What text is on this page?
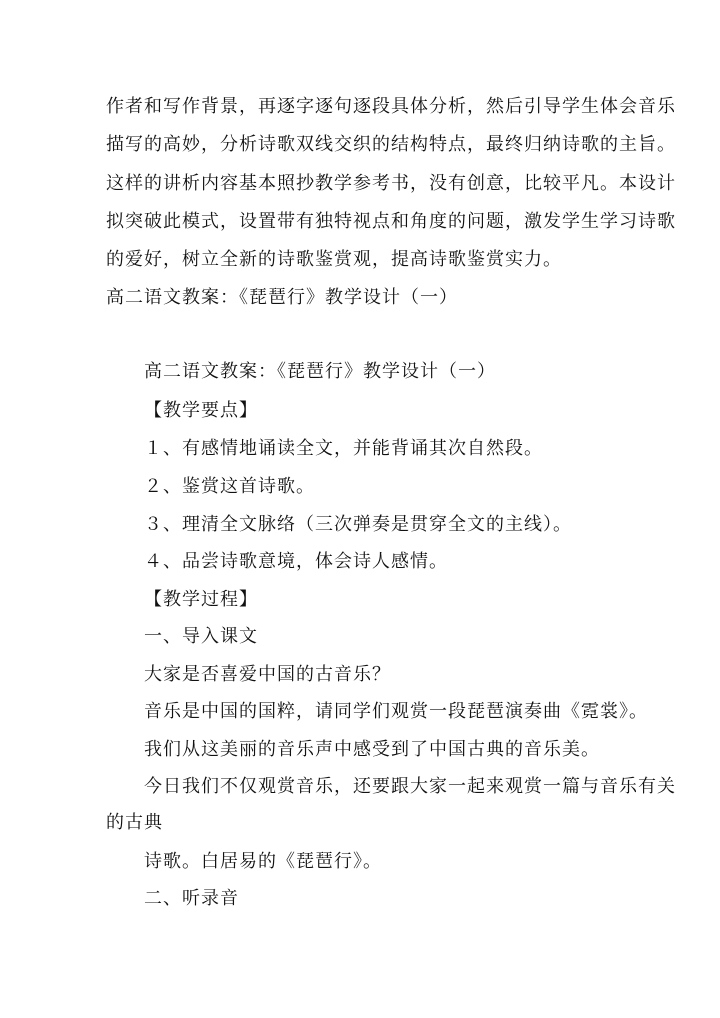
作者和写作背景，再逐字逐句逐段具体分析，然后引导学生体会音乐
描写的高妙，分析诗歌双线交织的结构特点，最终归纳诗歌的主旨。
这样的讲析内容基本照抄教学参考书，没有创意，比较平凡。本设计
拟突破此模式，设置带有独特视点和角度的问题，激发学生学习诗歌
的爱好，树立全新的诗歌鉴赏观，提高诗歌鉴赏实力。
高二语文教案：《琵琶行》教学设计（一）
高二语文教案：《琵琶行》教学设计（一）
【教学要点】
１、有感情地诵读全文，并能背诵其次自然段。
２、鉴赏这首诗歌。
３、理清全文脉络（三次弹奏是贯穿全文的主线）。
４、品尝诗歌意境，体会诗人感情。
【教学过程】
一、导入课文
大家是否喜爱中国的古音乐？
音乐是中国的国粹，请同学们观赏一段琵琶演奏曲《霓裳》。
我们从这美丽的音乐声中感受到了中国古典的音乐美。
今日我们不仅观赏音乐，还要跟大家一起来观赏一篇与音乐有关
的古典
诗歌。白居易的《琵琶行》。
二、听录音
